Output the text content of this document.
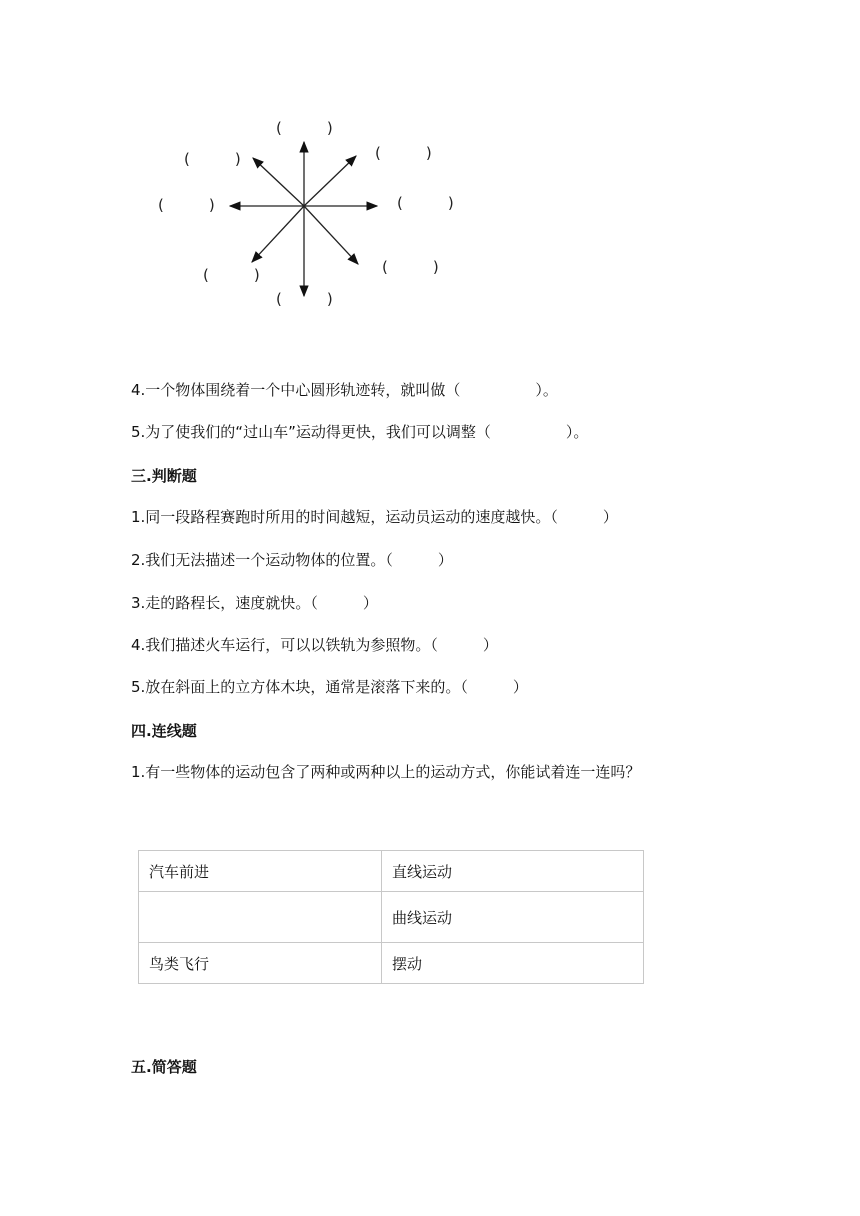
(　　　)
(　　　)	(　　　)
(　　　)	(　　　)
(　　　)
(　　　)
(　　　)
4.一个物体围绕着一个中心圆形轨迹转，就叫做（　　　　　）。
5.为了使我们的“过山车”运动得更快，我们可以调整（　　　　　）。
三.判断题
1.同一段路程赛跑时所用的时间越短，运动员运动的速度越快。（　　　）
2.我们无法描述一个运动物体的位置。（　　　）
3.走的路程长，速度就快。（　　　）
4.我们描述火车运行，可以以铁轨为参照物。（　　　）
5.放在斜面上的立方体木块，通常是滚落下来的。（　　　）
四.连线题
1.有一些物体的运动包含了两种或两种以上的运动方式，你能试着连一连吗？
汽车前进	直线运动
	曲线运动
鸟类飞行	摆动
五.简答题
